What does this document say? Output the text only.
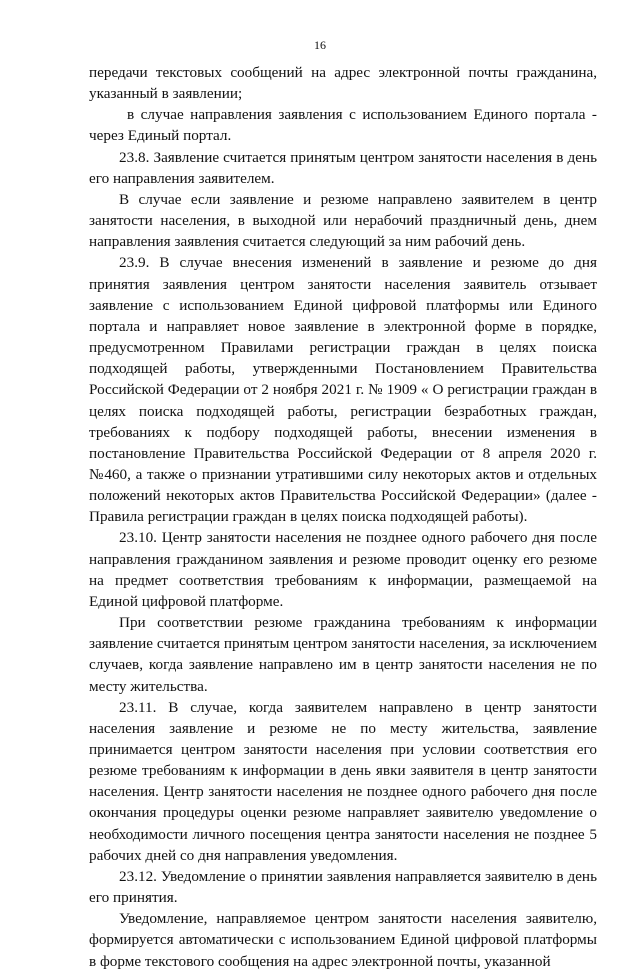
16

передачи текстовых сообщений на адрес электронной почты гражданина, указанный в заявлении;

в случае направления заявления с использованием Единого портала - через Единый портал.

23.8. Заявление считается принятым центром занятости населения в день его направления заявителем.

В случае если заявление и резюме направлено заявителем в центр занятости населения, в выходной или нерабочий праздничный день, днем направления заявления считается следующий за ним рабочий день.

23.9. В случае внесения изменений в заявление и резюме до дня принятия заявления центром занятости населения заявитель отзывает заявление с использованием Единой цифровой платформы или Единого портала и направляет новое заявление в электронной форме в порядке, предусмотренном Правилами регистрации граждан в целях поиска подходящей работы, утвержденными Постановлением Правительства Российской Федерации от 2 ноября 2021 г. № 1909 « О регистрации граждан в целях поиска подходящей работы, регистрации безработных граждан, требованиях к подбору подходящей работы, внесении изменения в постановление Правительства Российской Федерации от 8 апреля 2020 г. №460, а также о признании утратившими силу некоторых актов и отдельных положений некоторых актов Правительства Российской Федерации» (далее - Правила регистрации граждан в целях поиска подходящей работы).

23.10. Центр занятости населения не позднее одного рабочего дня после направления гражданином заявления и резюме проводит оценку его резюме на предмет соответствия требованиям к информации, размещаемой на Единой цифровой платформе.

При соответствии резюме гражданина требованиям к информации заявление считается принятым центром занятости населения, за исключением случаев, когда заявление направлено им в центр занятости населения не по месту жительства.

23.11. В случае, когда заявителем направлено в центр занятости населения заявление и резюме не по месту жительства, заявление принимается центром занятости населения при условии соответствия его резюме требованиям к информации в день явки заявителя в центр занятости населения. Центр занятости населения не позднее одного рабочего дня после окончания процедуры оценки резюме направляет заявителю уведомление о необходимости личного посещения центра занятости населения не позднее 5 рабочих дней со дня направления уведомления.

23.12. Уведомление о принятии заявления направляется заявителю в день его принятия.

Уведомление, направляемое центром занятости населения заявителю, формируется автоматически с использованием Единой цифровой платформы в форме текстового сообщения на адрес электронной почты, указанной
